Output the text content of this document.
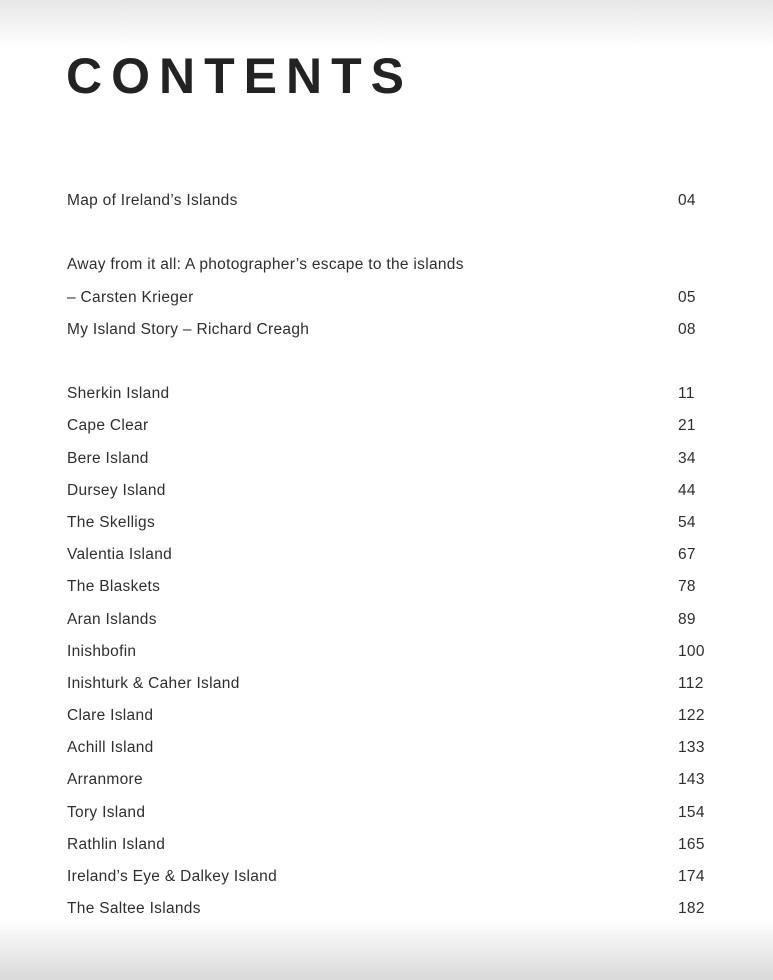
CONTENTS
Map of Ireland’s Islands	04
Away from it all: A photographer’s escape to the islands
– Carsten Krieger	05
My Island Story – Richard Creagh	08
Sherkin Island	11
Cape Clear	21
Bere Island	34
Dursey Island	44
The Skelligs	54
Valentia Island	67
The Blaskets	78
Aran Islands	89
Inishbofin	100
Inishturk & Caher Island	112
Clare Island	122
Achill Island	133
Arranmore	143
Tory Island	154
Rathlin Island	165
Ireland’s Eye & Dalkey Island	174
The Saltee Islands	182
